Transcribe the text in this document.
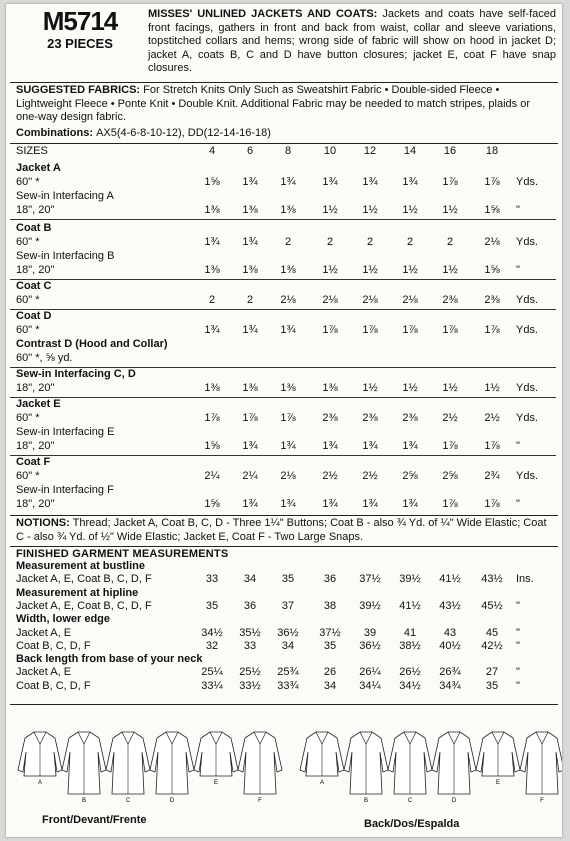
M5714
23 PIECES
MISSES' UNLINED JACKETS AND COATS: Jackets and coats have self-faced front facings, gathers in front and back from waist, collar and sleeve variations, topstitched collars and hems; wrong side of fabric will show on hood in jacket D; jacket A, coats B, C and D have button closures; jacket E, coat F have snap closures.
SUGGESTED FABRICS: For Stretch Knits Only Such as Sweatshirt Fabric • Double-sided Fleece • Lightweight Fleece • Ponte Knit • Double Knit. Additional Fabric may be needed to match stripes, plaids or one-way design fabric.
Combinations: AX5(4-6-8-10-12), DD(12-14-16-18)
SIZES	4	6	8	10	12	14	16	18
Jacket A
60" *	1⅝	1¾	1¾	1¾	1¾	1¾	1⅞	1⅞	Yds.
Sew-in Interfacing A
18", 20"	1⅜	1⅜	1⅜	1½	1½	1½	1½	1⅝	"
Coat B
60" *	1¾	1¾	2	2	2	2	2	2⅛	Yds.
Sew-in Interfacing B
18", 20"	1⅜	1⅜	1⅜	1½	1½	1½	1½	1⅝	"
Coat C
60" *	2	2	2⅛	2⅛	2⅛	2⅛	2⅜	2⅜	Yds.
Coat D
60" *	1¾	1¾	1¾	1⅞	1⅞	1⅞	1⅞	1⅞	Yds.
Contrast D (Hood and Collar)
60" *, ⅝ yd.
Sew-in Interfacing C, D
18", 20"	1⅜	1⅜	1⅜	1⅜	1½	1½	1½	1½	Yds.
Jacket E
60" *	1⅞	1⅞	1⅞	2⅜	2⅜	2⅜	2½	2½	Yds.
Sew-in Interfacing E
18", 20"	1⅝	1¾	1¾	1¾	1¾	1¾	1⅞	1⅞	"
Coat F
60" *	2¼	2¼	2⅛	2½	2½	2⅝	2⅝	2¾	Yds.
Sew-in Interfacing F
18", 20"	1⅝	1¾	1¾	1¾	1¾	1¾	1⅞	1⅞	"
NOTIONS: Thread; Jacket A, Coat B, C, D - Three 1¼" Buttons; Coat B - also ¾ Yd. of ¼" Wide Elastic; Coat C - also ¾ Yd. of ½" Wide Elastic; Jacket E, Coat F - Two Large Snaps.
FINISHED GARMENT MEASUREMENTS
Measurement at bustline
Jacket A, E, Coat B, C, D, F	33	34	35	36	37½	39½	41½	43½	Ins.
Measurement at hipline
Jacket A, E, Coat B, C, D, F	35	36	37	38	39½	41½	43½	45½	"
Width, lower edge
Jacket A, E	34½	35½	36½	37½	39	41	43	45	"
Coat B, C, D, F	32	33	34	35	36½	38½	40½	42½	"
Back length from base of your neck
Jacket A, E	25¼	25½	25¾	26	26¼	26½	26¾	27	"
Coat B, C, D, F	33¼	33½	33¾	34	34¼	34½	34¾	35	"
A
B	C	D
E
F
A
B	C	D
E
F
Front/Devant/Frente	Back/Dos/Espalda
